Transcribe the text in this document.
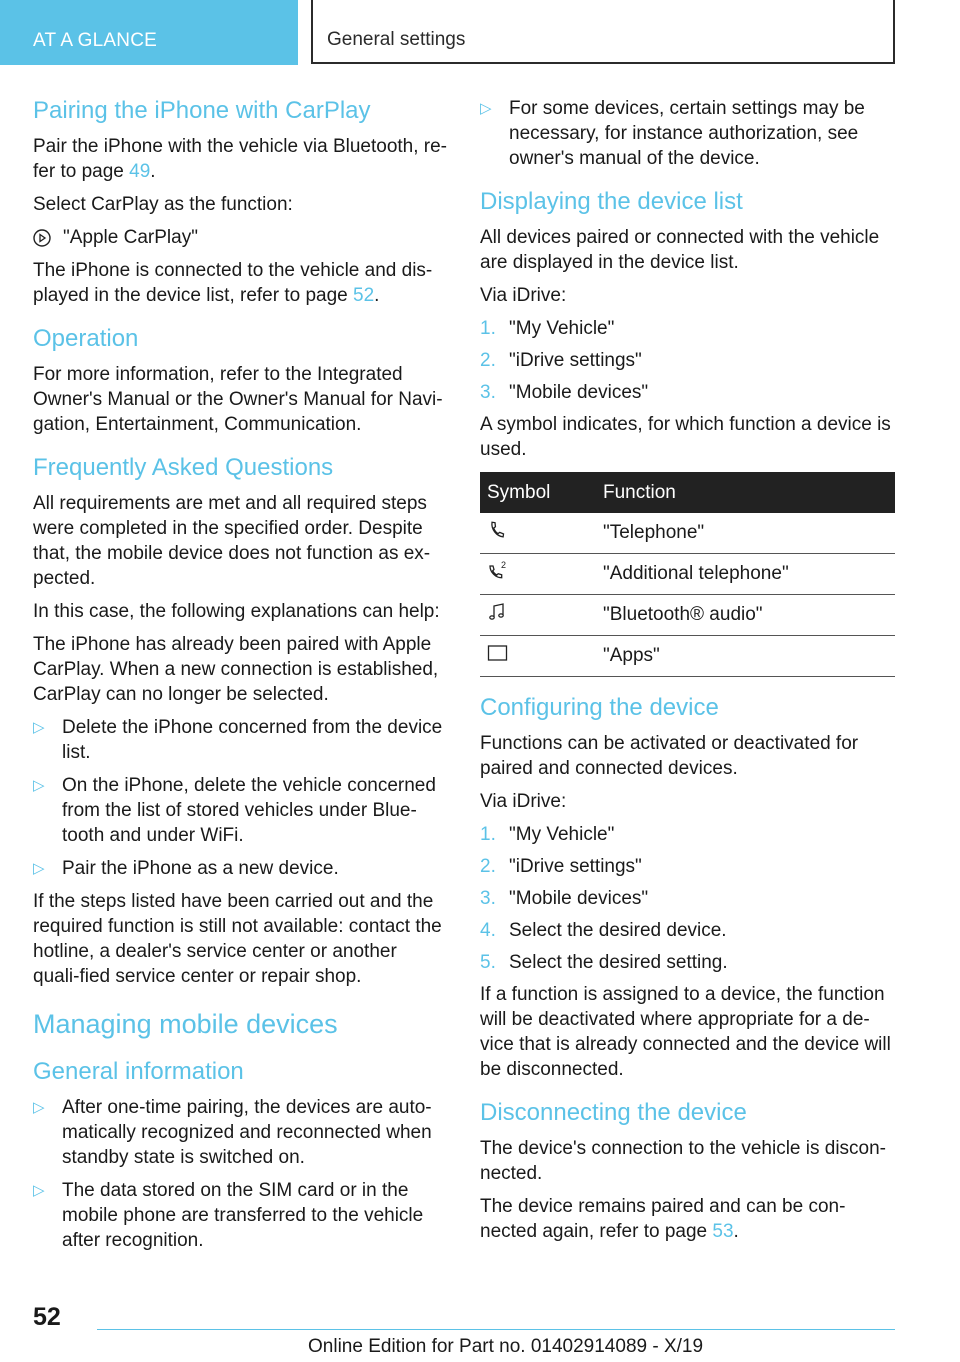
AT A GLANCE	General settings
Pairing the iPhone with CarPlay

Pair the iPhone with the vehicle via Bluetooth, re-fer to page 49.

Select CarPlay as the function:

"Apple CarPlay"

The iPhone is connected to the vehicle and dis-played in the device list, refer to page 52.

Operation

For more information, refer to the Integrated Owner's Manual or the Owner's Manual for Navi-gation, Entertainment, Communication.

Frequently Asked Questions

All requirements are met and all required steps were completed in the specified order. Despite that, the mobile device does not function as ex-pected.

In this case, the following explanations can help:

The iPhone has already been paired with Apple CarPlay. When a new connection is established, CarPlay can no longer be selected.

▷ Delete the iPhone concerned from the device list.
▷ On the iPhone, delete the vehicle concerned from the list of stored vehicles under Blue-tooth and under WiFi.
▷ Pair the iPhone as a new device.

If the steps listed have been carried out and the required function is still not available: contact the hotline, a dealer's service center or another quali-fied service center or repair shop.

Managing mobile devices
General information
▷ After one-time pairing, the devices are auto-matically recognized and reconnected when standby state is switched on.
▷ The data stored on the SIM card or in the mobile phone are transferred to the vehicle after recognition.
▷ For some devices, certain settings may be necessary, for instance authorization, see owner's manual of the device.
Displaying the device list

All devices paired or connected with the vehicle are displayed in the device list.

Via iDrive:

1. "My Vehicle"
2. "iDrive settings"
3. "Mobile devices"

A symbol indicates, for which function a device is used.

Symbol	Function
	"Telephone"

2	"Additional telephone"
	"Bluetooth® audio"
	"Apps"
Configuring the device

Functions can be activated or deactivated for paired and connected devices.

Via iDrive:

1. "My Vehicle"
2. "iDrive settings"
3. "Mobile devices"
4. Select the desired device.
5. Select the desired setting.

If a function is assigned to a device, the function will be deactivated where appropriate for a de-vice that is already connected and the device will be disconnected.

Disconnecting the device

The device's connection to the vehicle is discon-nected.

The device remains paired and can be con-nected again, refer to page 53.

52
Online Edition for Part no. 01402914089 - X/19
